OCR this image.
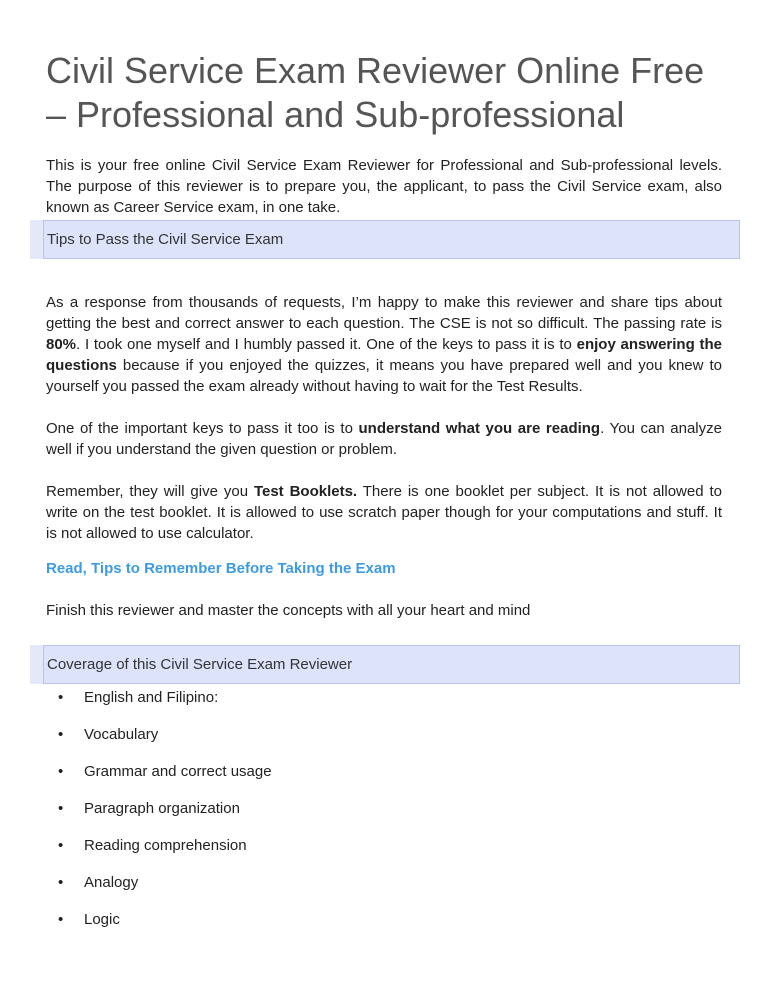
Civil Service Exam Reviewer Online Free – Professional and Sub-professional

This is your free online Civil Service Exam Reviewer for Professional and Sub-professional levels. The purpose of this reviewer is to prepare you, the applicant, to pass the Civil Service exam, also known as Career Service exam, in one take.

Tips to Pass the Civil Service Exam

As a response from thousands of requests, I’m happy to make this reviewer and share tips about getting the best and correct answer to each question. The CSE is not so difficult. The passing rate is 80%. I took one myself and I humbly passed it. One of the keys to pass it is to enjoy answering the questions because if you enjoyed the quizzes, it means you have prepared well and you knew to yourself you passed the exam already without having to wait for the Test Results.

One of the important keys to pass it too is to understand what you are reading. You can analyze well if you understand the given question or problem.

Remember, they will give you Test Booklets. There is one booklet per subject. It is not allowed to write on the test booklet. It is allowed to use scratch paper though for your computations and stuff. It is not allowed to use calculator.

Read, Tips to Remember Before Taking the Exam

Finish this reviewer and master the concepts with all your heart and mind

Coverage of this Civil Service Exam Reviewer
• English and Filipino:
• Vocabulary
• Grammar and correct usage
• Paragraph organization
• Reading comprehension
• Analogy
• Logic
